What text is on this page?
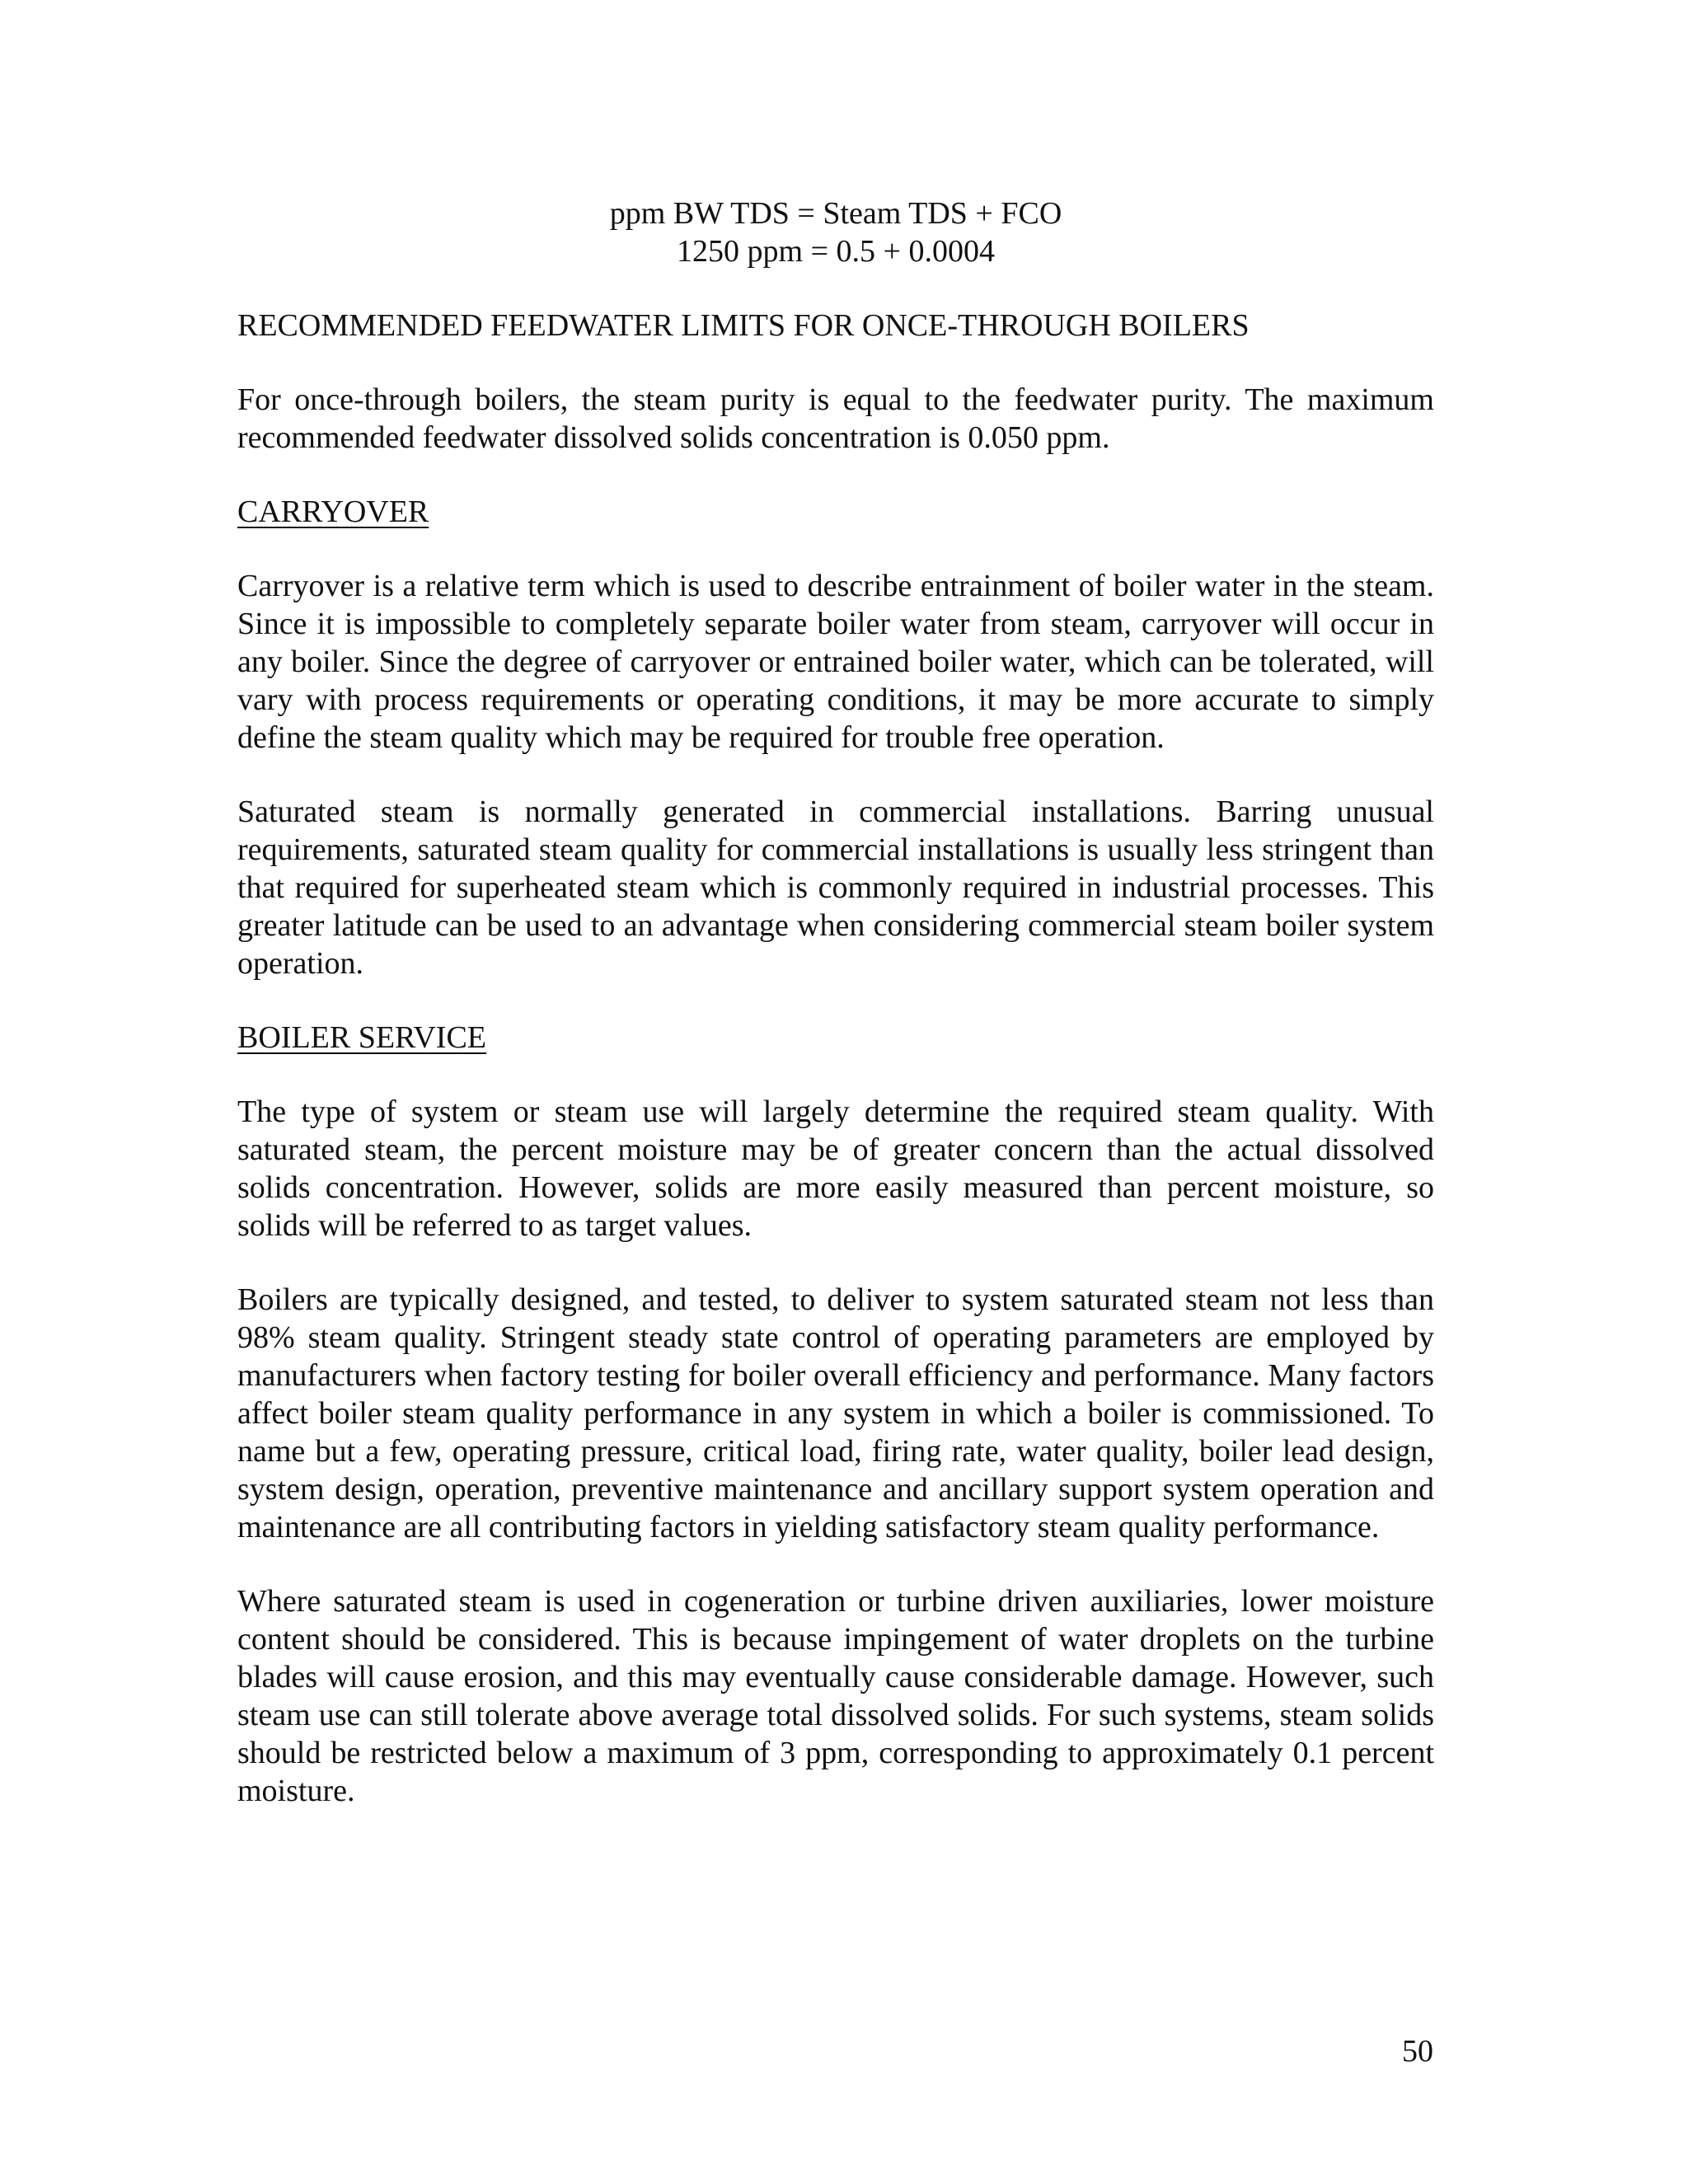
ppm BW TDS = Steam TDS + FCO

1250 ppm = 0.5 + 0.0004

RECOMMENDED FEEDWATER LIMITS FOR ONCE-THROUGH BOILERS

For once-through boilers, the steam purity is equal to the feedwater purity. The maximum recommended feedwater dissolved solids concentration is 0.050 ppm.

CARRYOVER

Carryover is a relative term which is used to describe entrainment of boiler water in the steam. Since it is impossible to completely separate boiler water from steam, carryover will occur in any boiler. Since the degree of carryover or entrained boiler water, which can be tolerated, will vary with process requirements or operating conditions, it may be more accurate to simply define the steam quality which may be required for trouble free operation.

Saturated steam is normally generated in commercial installations. Barring unusual requirements, saturated steam quality for commercial installations is usually less stringent than that required for superheated steam which is commonly required in industrial processes. This greater latitude can be used to an advantage when considering commercial steam boiler system operation.

BOILER SERVICE

The type of system or steam use will largely determine the required steam quality. With saturated steam, the percent moisture may be of greater concern than the actual dissolved solids concentration. However, solids are more easily measured than percent moisture, so solids will be referred to as target values.

Boilers are typically designed, and tested, to deliver to system saturated steam not less than 98% steam quality. Stringent steady state control of operating parameters are employed by manufacturers when factory testing for boiler overall efficiency and performance. Many factors affect boiler steam quality performance in any system in which a boiler is commissioned. To name but a few, operating pressure, critical load, firing rate, water quality, boiler lead design, system design, operation, preventive maintenance and ancillary support system operation and maintenance are all contributing factors in yielding satisfactory steam quality performance.

Where saturated steam is used in cogeneration or turbine driven auxiliaries, lower moisture content should be considered. This is because impingement of water droplets on the turbine blades will cause erosion, and this may eventually cause considerable damage. However, such steam use can still tolerate above average total dissolved solids. For such systems, steam solids should be restricted below a maximum of 3 ppm, corresponding to approximately 0.1 percent moisture.

50
